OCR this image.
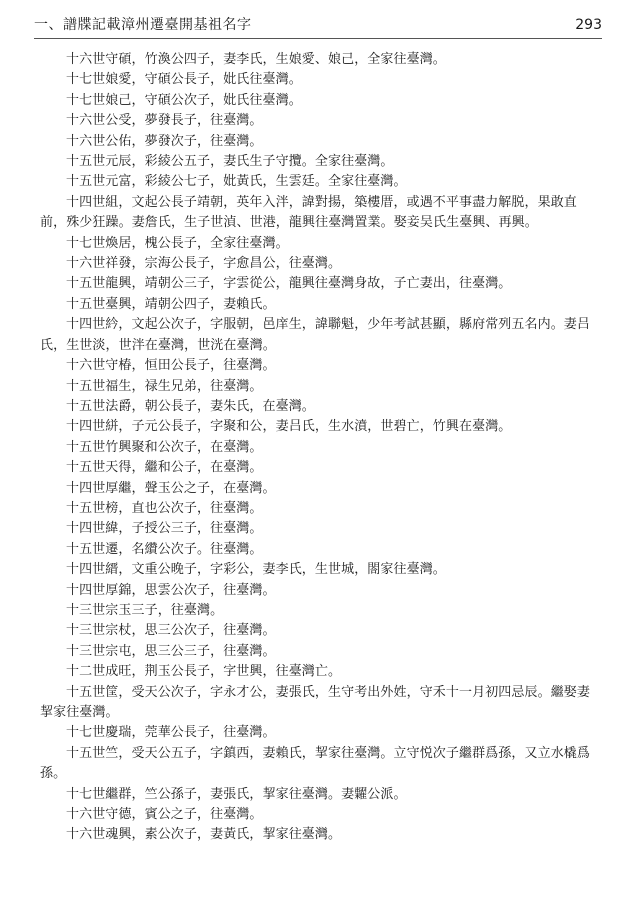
一、譜牒記載漳州遷臺開基祖名字	293

十六世守碩，竹渙公四子，妻李氏，生娘愛、娘己，全家往臺灣。

十七世娘愛，守碩公長子，妣氏往臺灣。

十七世娘己，守碩公次子，妣氏往臺灣。

十六世公受，夢發長子，往臺灣。

十六世公佑，夢發次子，往臺灣。

十五世元辰，彩綾公五子，妻氏生子守攬。全家往臺灣。

十五世元富，彩綾公七子，妣黃氏，生雲廷。全家往臺灣。

十四世組，文起公長子靖朝，英年入泮，諱對揚，築樓厝，或遇不平事盡力解脱，果敢直前，殊少狂躁。妻詹氏，生子世湞、世港，龍興往臺灣置業。娶妾吴氏生臺興、再興。

十七世煥居，槐公長子，全家往臺灣。

十六世祥發，宗海公長子，字愈昌公，往臺灣。

十五世龍興，靖朝公三子，字雲從公，龍興往臺灣身故，子亡妻出，往臺灣。

十五世臺興，靖朝公四子，妻賴氏。

十四世紟，文起公次子，字服朝，邑庠生，諱聯魁，少年考試甚顯，縣府常列五名内。妻吕氏，生世淡，世泮在臺灣，世洸在臺灣。

十六世守椿，恒田公長子，往臺灣。

十五世福生，禄生兄弟，往臺灣。

十五世法爵，朝公長子，妻朱氏，在臺灣。

十四世絣，子元公長子，字聚和公，妻吕氏，生水濆，世碧亡，竹興在臺灣。

十五世竹興聚和公次子，在臺灣。

十五世天得，繼和公子，在臺灣。

十四世厚繼，聲玉公之子，在臺灣。

十五世榜，直也公次子，往臺灣。

十四世緯，子授公三子，往臺灣。

十五世遷，名纘公次子。往臺灣。

十四世縉，文重公晚子，字彩公，妻李氏，生世城，閤家往臺灣。

十四世厚錦，思雲公次子，往臺灣。

十三世宗玉三子，往臺灣。

十三世宗杖，思三公次子，往臺灣。

十三世宗屯，思三公三子，往臺灣。

十二世成旺，荆玉公長子，字世興，往臺灣亡。

十五世筐，受天公次子，字永才公，妻張氏，生守考出外姓，守禾十一月初四忌辰。繼娶妻挈家往臺灣。

十七世慶瑞，莞華公長子，往臺灣。

十五世竺，受天公五子，字鎮西，妻賴氏，挈家往臺灣。立守悦次子繼群爲孫，又立水橇爲孫。

十七世繼群，竺公孫子，妻張氏，挈家往臺灣。妻糶公派。

十六世守德，賓公之子，往臺灣。

十六世魂興，素公次子，妻黃氏，挈家往臺灣。
